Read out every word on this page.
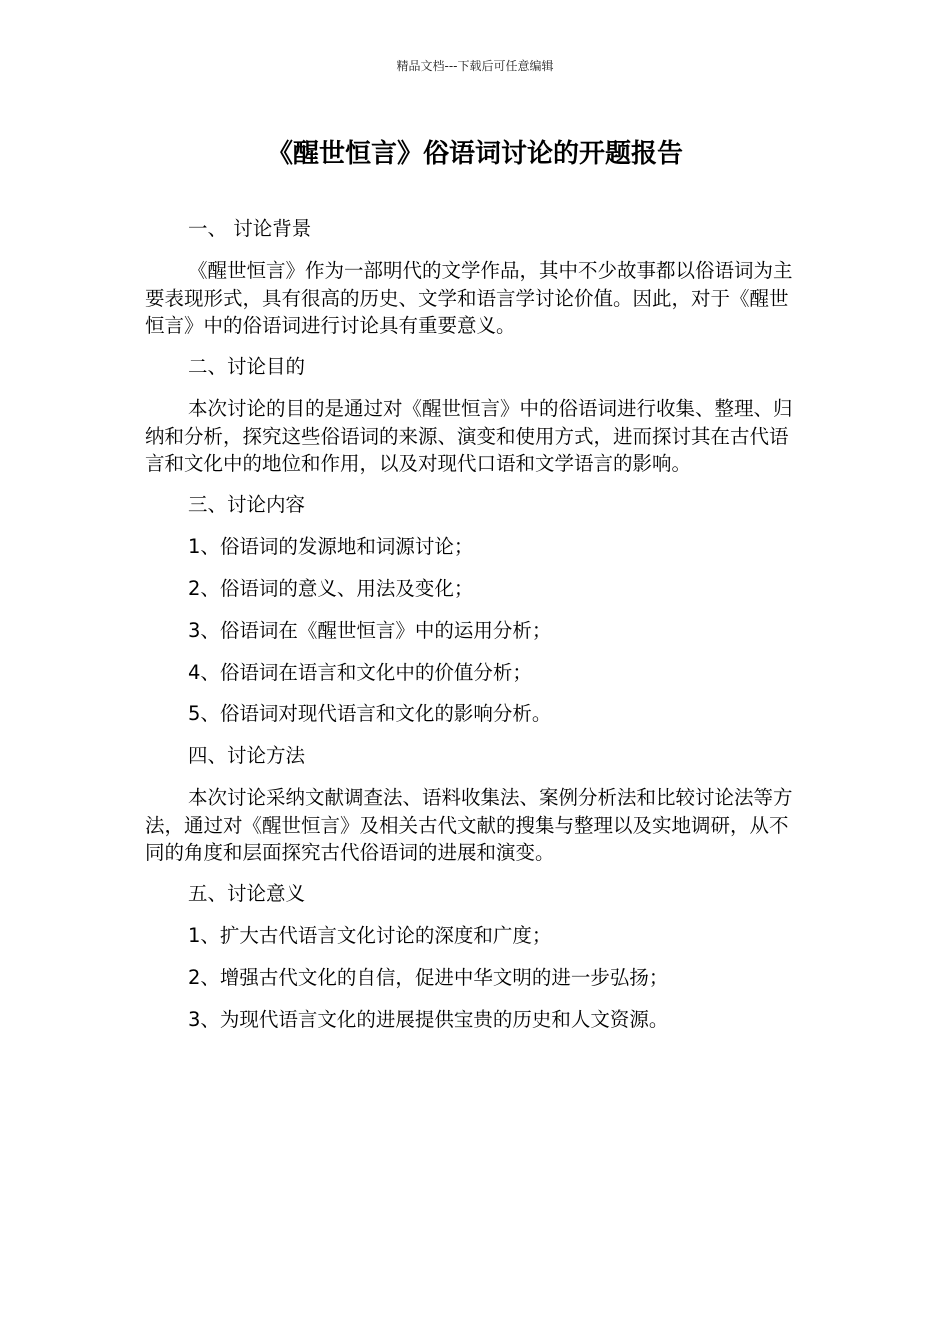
精品文档---下载后可任意编辑
《醒世恒言》俗语词讨论的开题报告
一、 讨论背景

《醒世恒言》作为一部明代的文学作品，其中不少故事都以俗语词为主要表现形式，具有很高的历史、文学和语言学讨论价值。因此，对于《醒世恒言》中的俗语词进行讨论具有重要意义。

二、讨论目的

本次讨论的目的是通过对《醒世恒言》中的俗语词进行收集、整理、归纳和分析，探究这些俗语词的来源、演变和使用方式，进而探讨其在古代语言和文化中的地位和作用，以及对现代口语和文学语言的影响。

三、讨论内容
1、俗语词的发源地和词源讨论；
2、俗语词的意义、用法及变化；
3、俗语词在《醒世恒言》中的运用分析；
4、俗语词在语言和文化中的价值分析；
5、俗语词对现代语言和文化的影响分析。
四、讨论方法

本次讨论采纳文献调查法、语料收集法、案例分析法和比较讨论法等方法，通过对《醒世恒言》及相关古代文献的搜集与整理以及实地调研，从不同的角度和层面探究古代俗语词的进展和演变。

五、讨论意义
1、扩大古代语言文化讨论的深度和广度；
2、增强古代文化的自信，促进中华文明的进一步弘扬；
3、为现代语言文化的进展提供宝贵的历史和人文资源。
